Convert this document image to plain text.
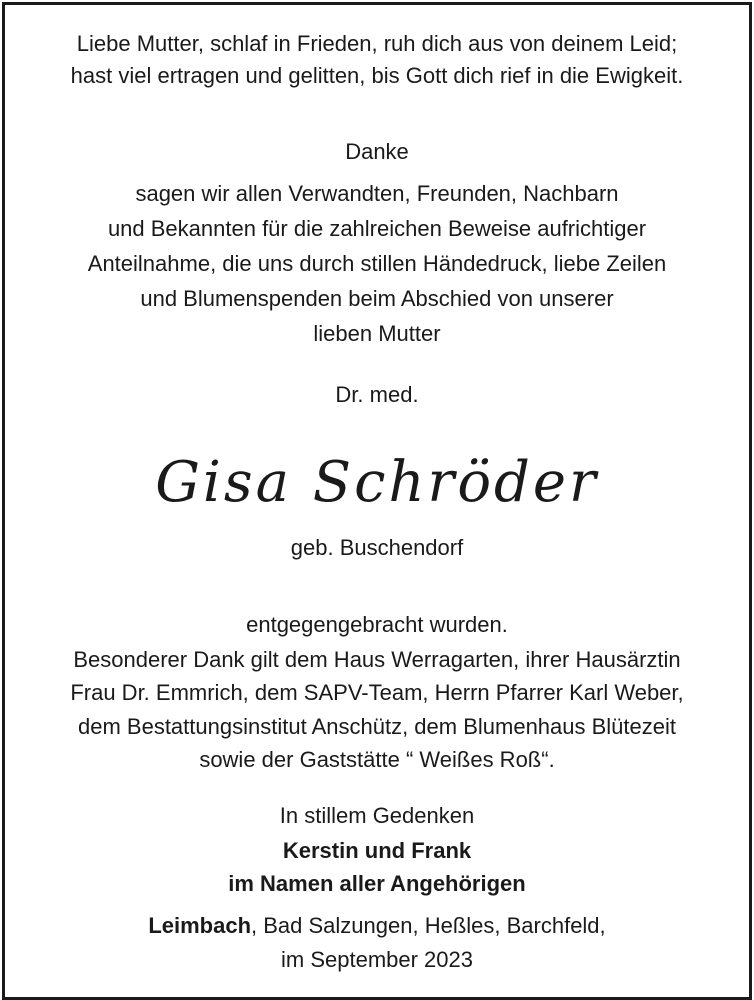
Liebe Mutter, schlaf in Frieden, ruh dich aus von deinem Leid;
hast viel ertragen und gelitten, bis Gott dich rief in die Ewigkeit.
Danke
sagen wir allen Verwandten, Freunden, Nachbarn
und Bekannten für die zahlreichen Beweise aufrichtiger
Anteilnahme, die uns durch stillen Händedruck, liebe Zeilen
und Blumenspenden beim Abschied von unserer
lieben Mutter
Dr. med.
Gisa Schröder
geb. Buschendorf
entgegengebracht wurden.
Besonderer Dank gilt dem Haus Werragarten, ihrer Hausärztin
Frau Dr. Emmrich, dem SAPV-Team, Herrn Pfarrer Karl Weber,
dem Bestattungsinstitut Anschütz, dem Blumenhaus Blütezeit
sowie der Gaststätte “ Weißes Roß“.
In stillem Gedenken
Kerstin und Frank
im Namen aller Angehörigen
Leimbach, Bad Salzungen, Heßles, Barchfeld,
im September 2023
